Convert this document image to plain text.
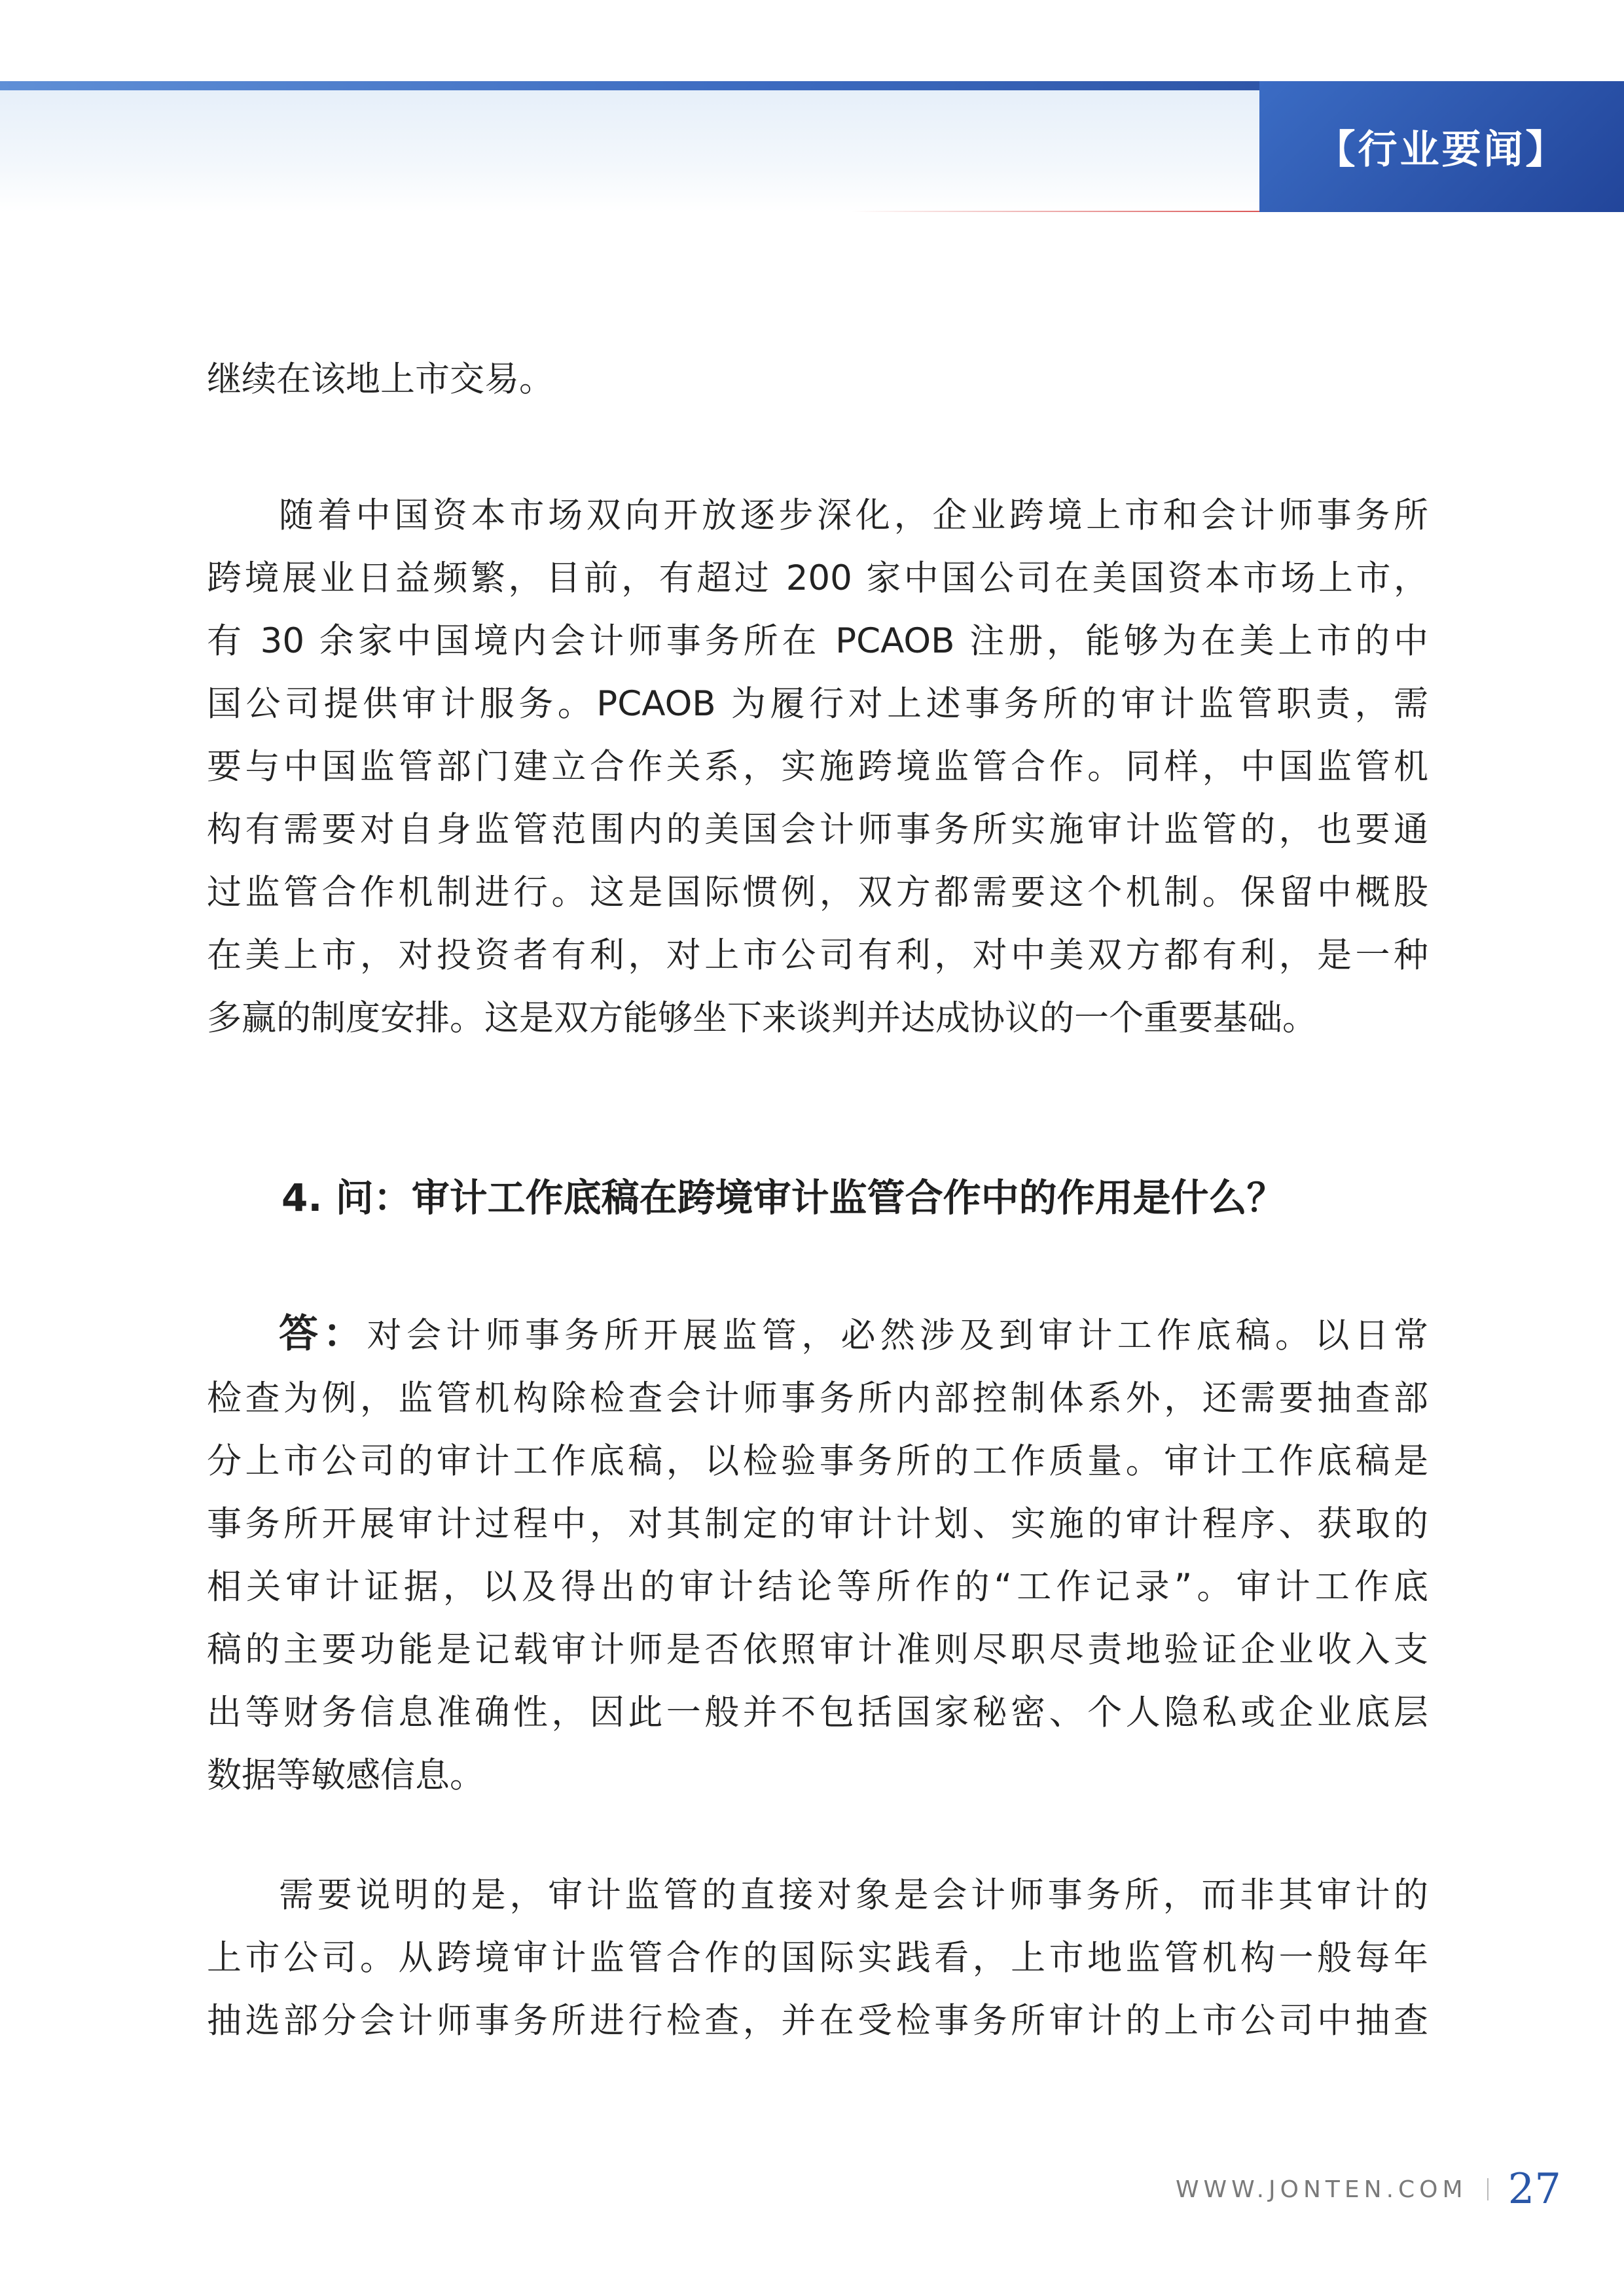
【行业要闻】

继续在该地上市交易。

随着中国资本市场双向开放逐步深化，企业跨境上市和会计师事务所
跨境展业日益频繁，目前，有超过 200 家中国公司在美国资本市场上市，
有 30 余家中国境内会计师事务所在 PCAOB 注册，能够为在美上市的中
国公司提供审计服务。PCAOB 为履行对上述事务所的审计监管职责，需
要与中国监管部门建立合作关系，实施跨境监管合作。同样，中国监管机
构有需要对自身监管范围内的美国会计师事务所实施审计监管的，也要通
过监管合作机制进行。这是国际惯例，双方都需要这个机制。保留中概股
在美上市，对投资者有利，对上市公司有利，对中美双方都有利，是一种
多赢的制度安排。这是双方能够坐下来谈判并达成协议的一个重要基础。

答：对会计师事务所开展监管，必然涉及到审计工作底稿。以日常
检查为例，监管机构除检查会计师事务所内部控制体系外，还需要抽查部
分上市公司的审计工作底稿，以检验事务所的工作质量。审计工作底稿是
事务所开展审计过程中，对其制定的审计计划、实施的审计程序、获取的
相关审计证据，以及得出的审计结论等所作的“工作记录”。审计工作底
稿的主要功能是记载审计师是否依照审计准则尽职尽责地验证企业收入支
出等财务信息准确性，因此一般并不包括国家秘密、个人隐私或企业底层
数据等敏感信息。

需要说明的是，审计监管的直接对象是会计师事务所，而非其审计的
上市公司。从跨境审计监管合作的国际实践看，上市地监管机构一般每年
抽选部分会计师事务所进行检查，并在受检事务所审计的上市公司中抽查

4. 问：审计工作底稿在跨境审计监管合作中的作用是什么？
WWW.JONTEN.COM 27
